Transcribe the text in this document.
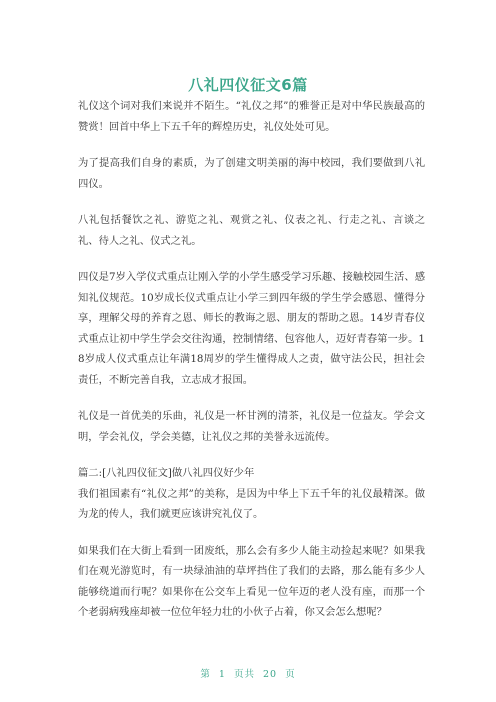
八礼四仪征文6篇

礼仪这个词对我们来说并不陌生。“礼仪之邦”的雅誉正是对中华民族最高的赞赏！回首中华上下五千年的辉煌历史，礼仪处处可见。

为了提高我们自身的素质，为了创建文明美丽的海中校园，我们要做到八礼四仪。

八礼包括餐饮之礼、游览之礼、观赏之礼、仪表之礼、行走之礼、言谈之礼、待人之礼、仪式之礼。

四仪是7岁入学仪式重点让刚入学的小学生感受学习乐趣、接触校园生活、感知礼仪规范。10岁成长仪式重点让小学三到四年级的学生学会感恩、懂得分享，理解父母的养育之恩、师长的教诲之恩、朋友的帮助之恩。14岁青春仪式重点让初中学生学会交往沟通，控制情绪、包容他人，迈好青春第一步。18岁成人仪式重点让年满18周岁的学生懂得成人之责，做守法公民，担社会责任，不断完善自我，立志成才报国。

礼仪是一首优美的乐曲，礼仪是一杯甘洌的清茶，礼仪是一位益友。学会文明，学会礼仪，学会美德，让礼仪之邦的美誉永远流传。

篇二:[八礼四仪征文]做八礼四仪好少年

我们祖国素有“礼仪之邦”的美称，是因为中华上下五千年的礼仪最精深。做为龙的传人，我们就更应该讲究礼仪了。

如果我们在大街上看到一团废纸，那么会有多少人能主动捡起来呢？如果我们在观光游览时，有一块绿油油的草坪挡住了我们的去路，那么能有多少人能够绕道而行呢？如果你在公交车上看见一位年迈的老人没有座，而那一个个老弱病残座却被一位位年轻力壮的小伙子占着，你又会怎么想呢？

第 1 页共 20 页
